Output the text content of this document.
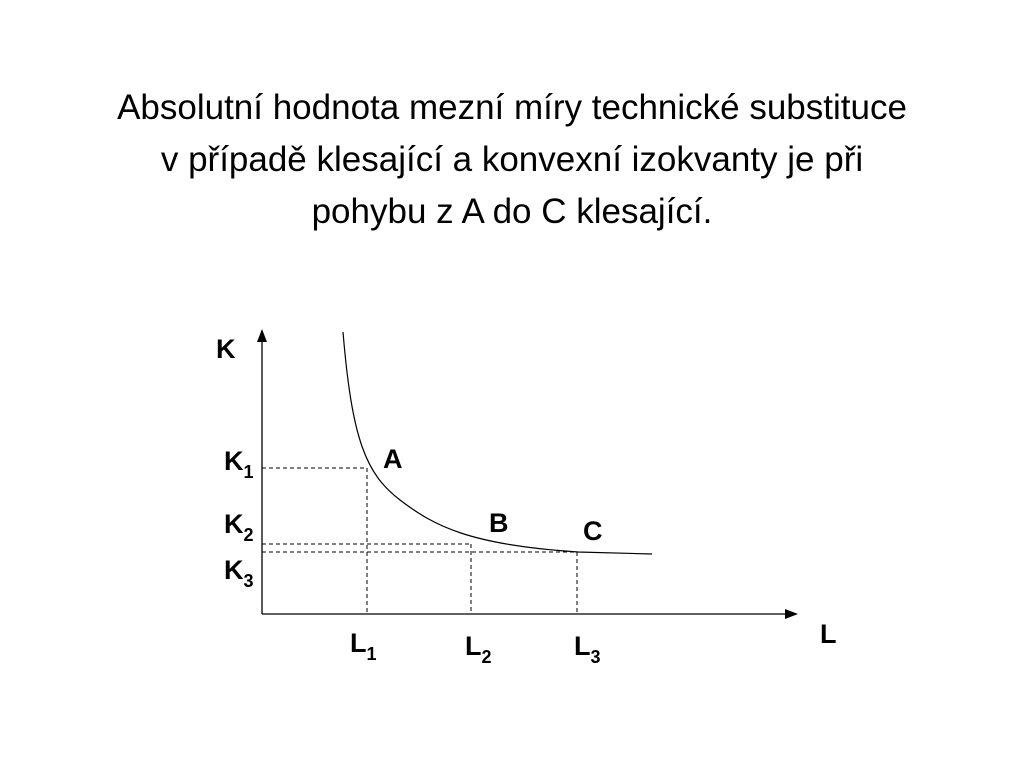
Absolutní hodnota mezní míry technické substituce
v případě klesající a konvexní izokvanty je při
pohybu z A do C klesající.
K
L
K1
K2
K3
L1	L2	L3
A
B	C
